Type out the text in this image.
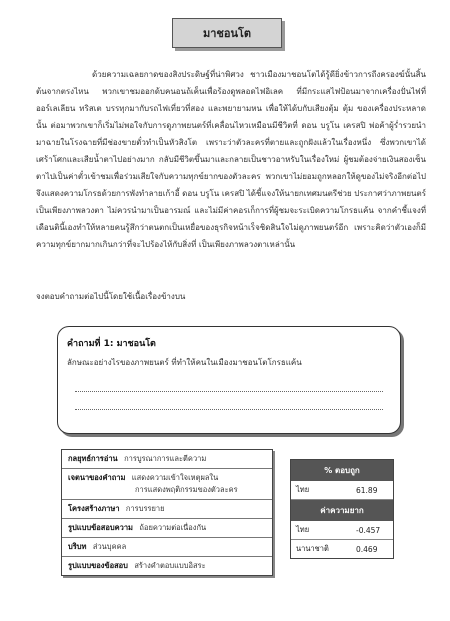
มาชอนโต

ด้วยความเฉลยกาดของสิงประดิษฐ์ที่น่าพิศวง ชาวเมืองมาชอนโตได้รู้ดียิ่งข้าวการถีงครองฆ์นั้นสิ้นต้นจากตรงไหน พวกเขาชมออกด้บคนอนถ้เค็นเพื่อร้องดูพลอดไฟอิเลค ที่มีกระแสไฟป้อนมาจากเครื่องปั่นไฟที่ ออร์เลเลียน ทริสเต บรรทุกมากับรถไฟเที่ยวที่สอง และพยายามหน เพื่อให้ได้บกับเสียงตุ้ม ตุ้ม ของเครื่องประหลาดนั้น ต่อมาพวกเขาก็เริ่มไม่พอใจกับการดูภาพยนตร์ที่เคลื่อนไหวเหมือนมีชีวิตที่ ดอน บรูโน เครสปิ พ่อค้าผู้ร่ำรวยนำมาฉายในโรงฉายที่มีช่องขายตั๋วทำเป็นหัวสิงโต เพราะว่าตัวละครที่ตายและถูกฝังแล้วในเรื่องหนึ่ง ซึ่งพวกเขาได้เศร้าโศกและเสียน้ำตาไปอย่างมาก กลับมีชีวิตขึ้นมาและกลายเป็นชาวอาหรับในเรื่องใหม่ ผู้ชมต้องจ่ายเงินสองเซ็นตาไปเป็นค่าตั๋วเข้าชมเพื่อร่วมเสียใจกับความทุกข์ยากของตัวละคร พวกเขาไม่ยอมถูกหลอกให้ดูของไม่จริงอีกต่อไป จึงแสดงความโกรธด้วยการพังทำลายเก้าอี้ ดอน บรูโน เครสปิ ได้ชี้แจงให้นายกเทศมนตรีช่วย ประกาศว่าภาพยนตร์เป็นเพียงภาพลวงตา ไม่ควรนำมาเป็นอารมณ์ และไม่มีค่าคอรเก็การที่ผู้ชมจะระเบิดความโกรธแค้น จากคำชี้แจงที่เดือนตินี้เองทำให้หลายคนรู้สึกว่าตนตกเป็นเหยื่อของธุรกิจหน้าเร็จชิดสินใจไม่ดูภาพยนตร์อีก เพราะคิดว่าตัวเองก็มีความทุกข์ยากมากเกินกว่าที่จะไปร้องไห้กับสิ่งที่ เป็นเพียงภาพลวงตาเหล่านั้น

จงตอบคำถามต่อไปนี้โดยใช้เนื้อเรื่องข้างบน

คำถามที่ 1: มาชอนโต
ลักษณะอย่างไรของภาพยนตร์ ที่ทำให้คนในเมืองมาชอนโตโกรธแค้น
กลยุทธ์การอ่าน การบูรณาการและตีความ
เจตนาของคำถาม แสดงความเข้าใจเหตุผลใน
การแสดงพฤติกรรมของตัวละคร
โครงสร้างภาษา การบรรยาย
รูปแบบข้อสอบความ ถ้อยความต่อเนื่องกัน
บริบท ส่วนบุคคล
รูปแบบของข้อสอบ สร้างคำตอบแบบอิสระ
% ตอบถูก
ไทย	61.89
ค่าความยาก
ไทย	-0.457
นานาชาติ	0.469
